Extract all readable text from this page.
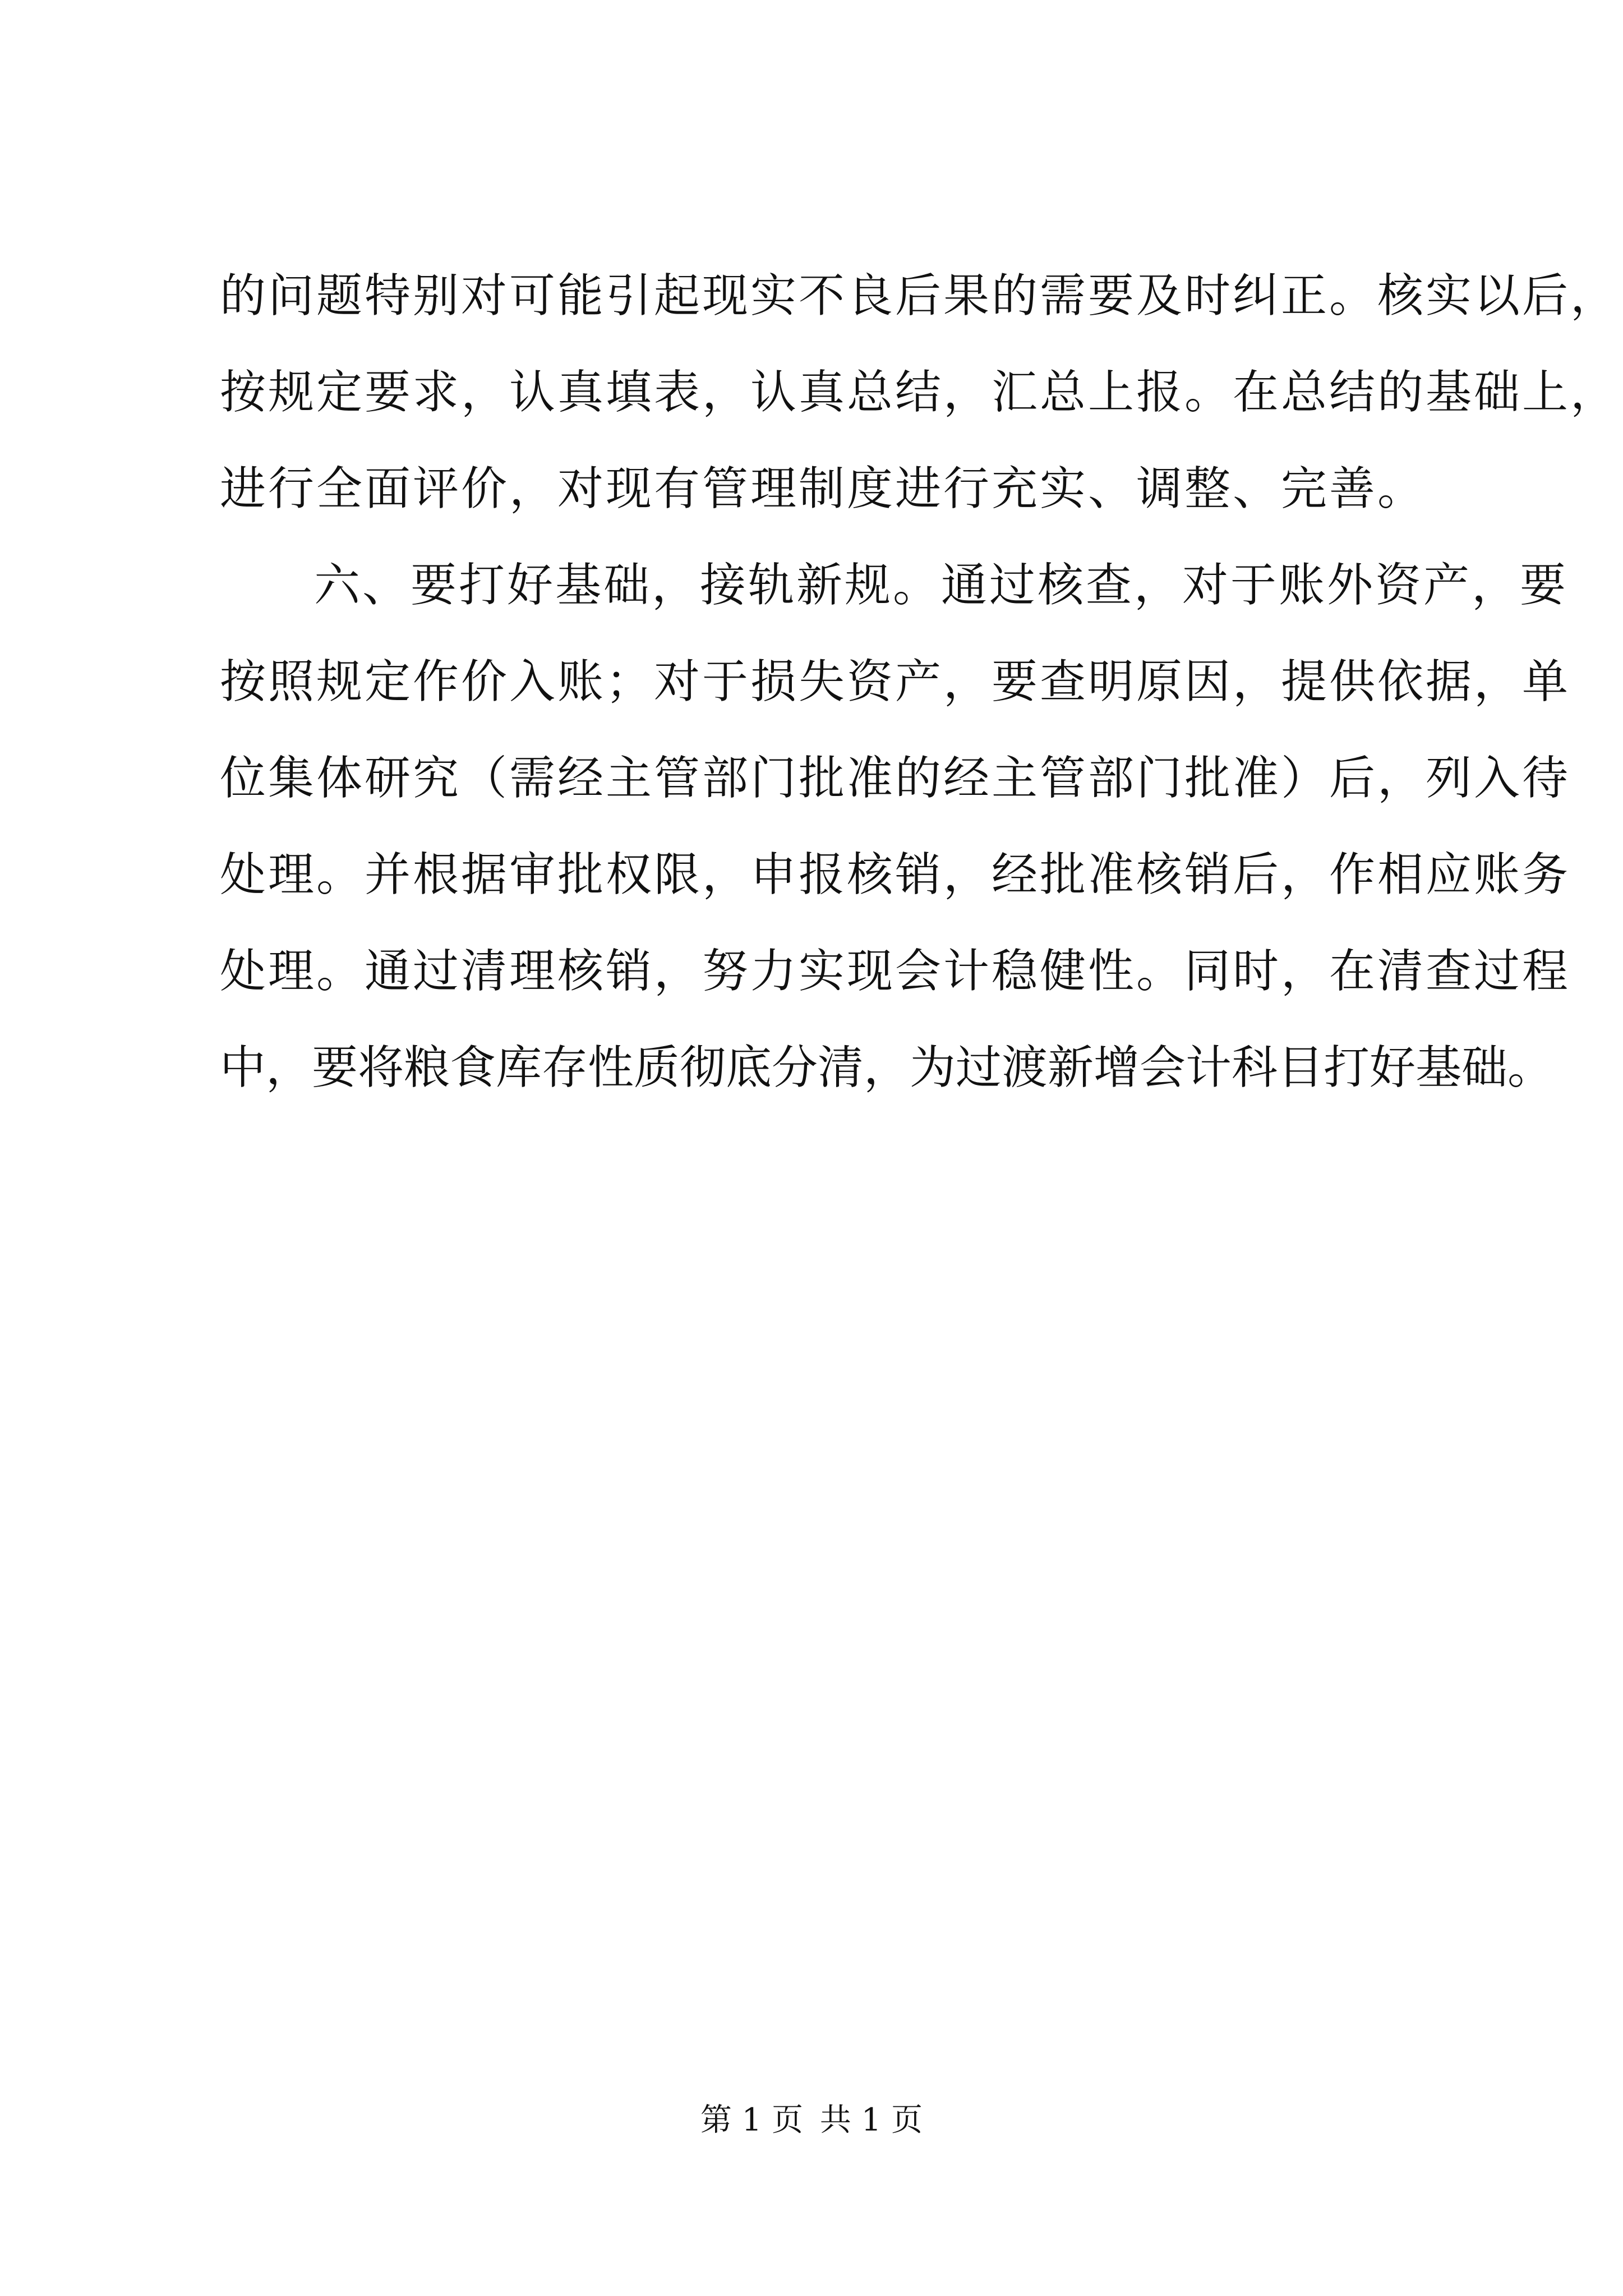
的问题特别对可能引起现实不良后果的需要及时纠正。核实以后，
按规定要求，认真填表，认真总结，汇总上报。在总结的基础上，
进行全面评价，对现有管理制度进行充实、调整、完善。
六、要打好基础，接轨新规。通过核查，对于账外资产，要
按照规定作价入账；对于损失资产，要查明原因，提供依据，单
位集体研究（需经主管部门批准的经主管部门批准）后，列入待
处理。并根据审批权限，申报核销，经批准核销后，作相应账务
处理。通过清理核销，努力实现会计稳健性。同时，在清查过程
中，要将粮食库存性质彻底分清，为过渡新增会计科目打好基础。
第 1 页 共 1 页
